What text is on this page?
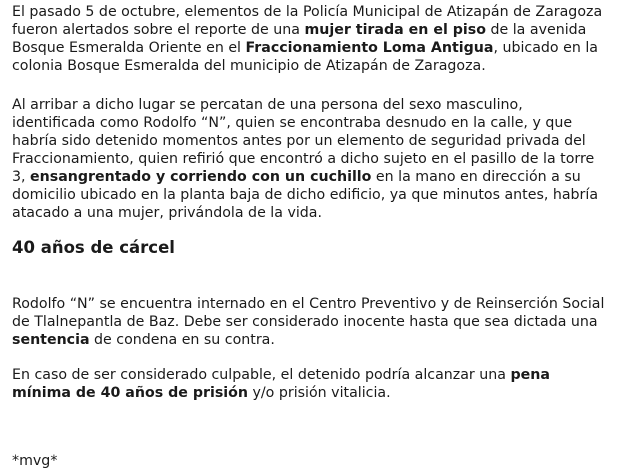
El pasado 5 de octubre, elementos de la Policía Municipal de Atizapán de Zaragoza fueron alertados sobre el reporte de una mujer tirada en el piso de la avenida Bosque Esmeralda Oriente en el Fraccionamiento Loma Antigua, ubicado en la colonia Bosque Esmeralda del municipio de Atizapán de Zaragoza.

Al arribar a dicho lugar se percatan de una persona del sexo masculino, identificada como Rodolfo “N”, quien se encontraba desnudo en la calle, y que habría sido detenido momentos antes por un elemento de seguridad privada del Fraccionamiento, quien refirió que encontró a dicho sujeto en el pasillo de la torre 3, ensangrentado y corriendo con un cuchillo en la mano en dirección a su domicilio ubicado en la planta baja de dicho edificio, ya que minutos antes, habría atacado a una mujer, privándola de la vida.

40 años de cárcel

Rodolfo “N” se encuentra internado en el Centro Preventivo y de Reinserción Social de Tlalnepantla de Baz. Debe ser considerado inocente hasta que sea dictada una sentencia de condena en su contra.

En caso de ser considerado culpable, el detenido podría alcanzar una pena mínima de 40 años de prisión y/o prisión vitalicia.

*mvg*
